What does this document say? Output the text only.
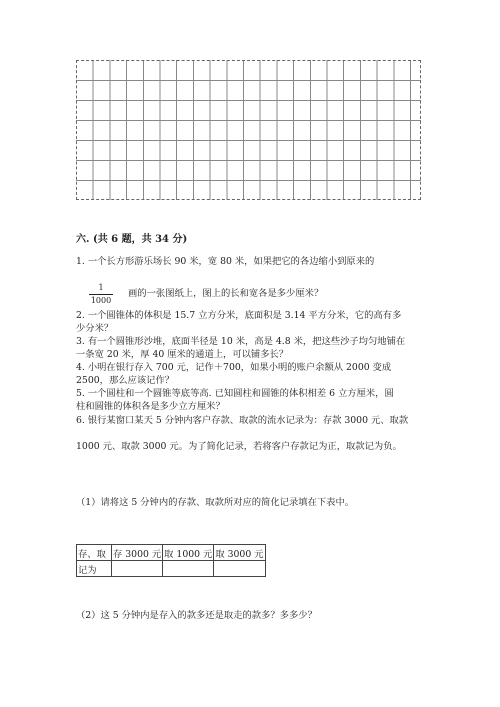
六. (共 6 题，共 34 分)
1. 一个长方形游乐场长 90 米，宽 80 米，如果把它的各边缩小到原来的
$\frac{1}{1000}$ 画的一张图纸上，图上的长和宽各是多少厘米？
2. 一个圆锥体的体积是 15.7 立方分米，底面积是 3.14 平方分米，它的高有多
少分米？
3. 有一个圆锥形沙堆，底面半径是 10 米，高是 4.8 米，把这些沙子均匀地铺在
一条宽 20 米，厚 40 厘米的通道上，可以铺多长？
4. 小明在银行存入 700 元，记作＋700，如果小明的账户余额从 2000 变成
2500，那么应该记作？
5. 一个圆柱和一个圆锥等底等高. 已知圆柱和圆锥的体积相差 6 立方厘米，圆
柱和圆锥的体积各是多少立方厘米？
6. 银行某窗口某天 5 分钟内客户存款、取款的流水记录为：存款 3000 元、取款
1000 元、取款 3000 元。为了简化记录，若将客户存款记为正，取款记为负。
（1）请将这 5 分钟内的存款、取款所对应的简化记录填在下表中。
存、取	存 3000 元	取 1000 元	取 3000 元
记为			
（2）这 5 分钟内是存入的款多还是取走的款多？多多少？
